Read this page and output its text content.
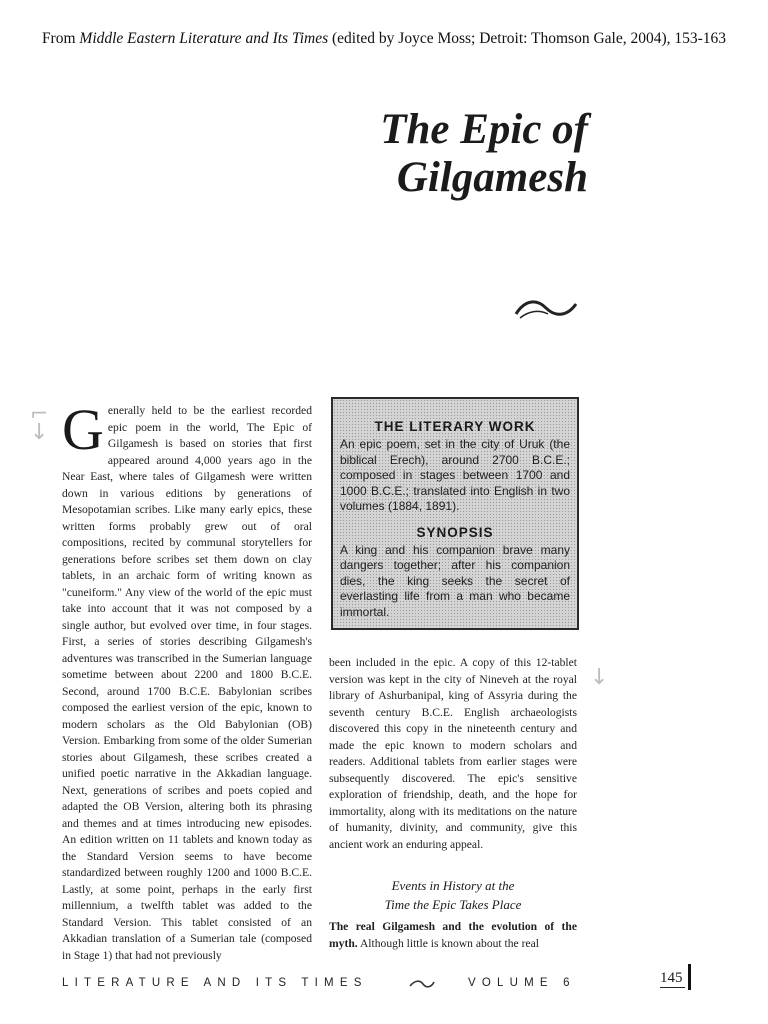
From Middle Eastern Literature and Its Times (edited by Joyce Moss; Detroit: Thomson Gale, 2004), 153-163
The Epic of
Gilgamesh
⌐
↓
↓
G enerally held to be the earliest recorded epic poem in the world, The Epic of Gilgamesh is based on stories that first appeared around 4,000 years ago in the Near East, where tales of Gilgamesh were written down in various editions by generations of Mesopotamian scribes. Like many early epics, these written forms probably grew out of oral compositions, recited by communal storytellers for generations before scribes set them down on clay tablets, in an archaic form of writing known as "cuneiform." Any view of the world of the epic must take into account that it was not composed by a single author, but evolved over time, in four stages. First, a series of stories describing Gilgamesh's adventures was transcribed in the Sumerian language sometime between about 2200 and 1800 B.C.E. Second, around 1700 B.C.E. Babylonian scribes composed the earliest version of the epic, known to modern scholars as the Old Babylonian (OB) Version. Embarking from some of the older Sumerian stories about Gilgamesh, these scribes created a unified poetic narrative in the Akkadian language. Next, generations of scribes and poets copied and adapted the OB Version, altering both its phrasing and themes and at times introducing new episodes. An edition written on 11 tablets and known today as the Standard Version seems to have become standardized between roughly 1200 and 1000 B.C.E. Lastly, at some point, perhaps in the early first millennium, a twelfth tablet was added to the Standard Version. This tablet consisted of an Akkadian translation of a Sumerian tale (composed in Stage 1) that had not previously

THE LITERARY WORK
An epic poem, set in the city of Uruk (the biblical Erech), around 2700 B.C.E.; composed in stages between 1700 and 1000 B.C.E.; translated into English in two volumes (1884, 1891).
SYNOPSIS
A king and his companion brave many dangers together; after his companion dies, the king seeks the secret of everlasting life from a man who became immortal.

been included in the epic. A copy of this 12-tablet version was kept in the city of Nineveh at the royal library of Ashurbanipal, king of Assyria during the seventh century B.C.E. English archaeologists discovered this copy in the nineteenth century and made the epic known to modern scholars and readers. Additional tablets from earlier stages were subsequently discovered. The epic's sensitive exploration of friendship, death, and the hope for immortality, along with its meditations on the nature of humanity, divinity, and community, give this ancient work an enduring appeal.

Events in History at the
Time the Epic Takes Place
The real Gilgamesh and the evolution of the myth. Although little is known about the real
LITERATURE AND ITS TIMES	VOLUME 6	145
